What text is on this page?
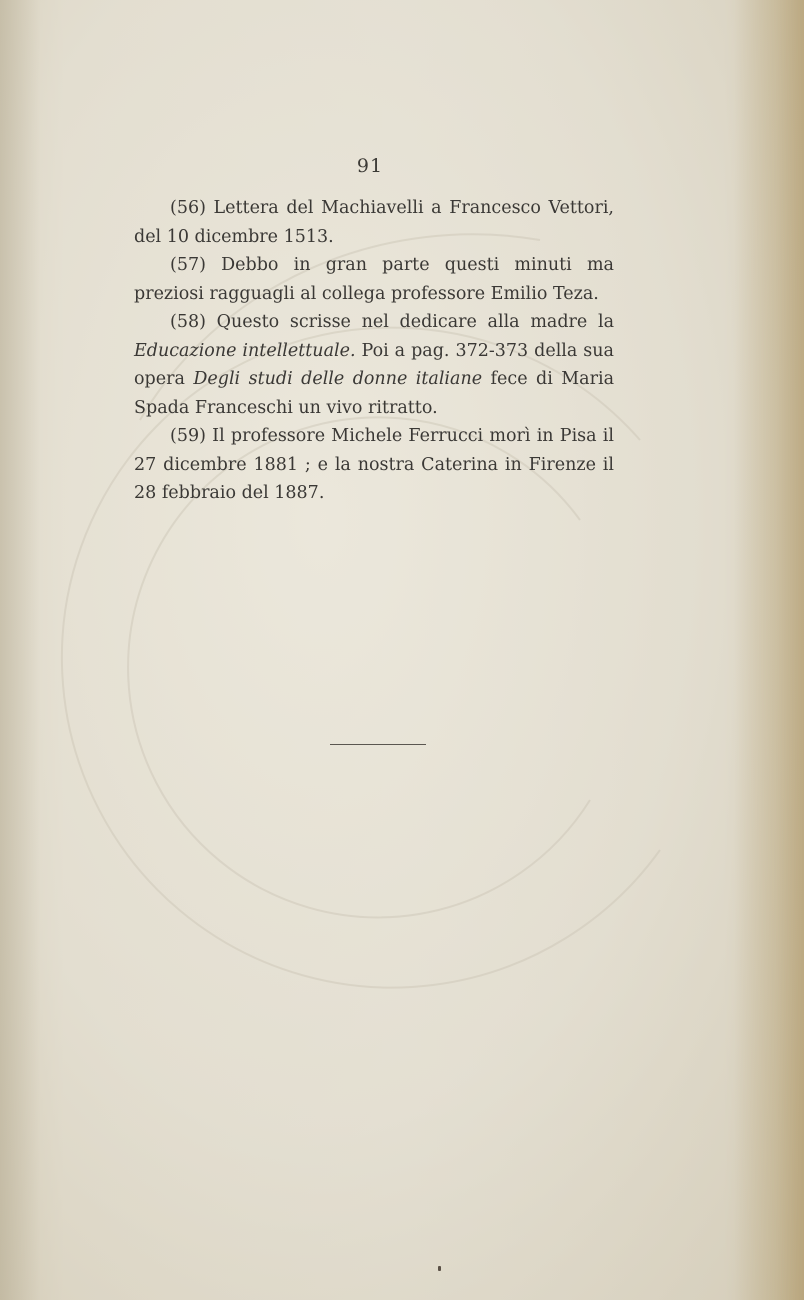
91

(56) Lettera del Machiavelli a Francesco Vettori, del 10 dicembre 1513.

(57) Debbo in gran parte questi minuti ma preziosi ragguagli al collega professore Emilio Teza.

(58) Questo scrisse nel dedicare alla madre la Educazione intellettuale. Poi a pag. 372-373 della sua opera Degli studi delle donne italiane fece di Maria Spada Franceschi un vivo ritratto.

(59) Il professore Michele Ferrucci morì in Pisa il 27 dicembre 1881 ; e la nostra Caterina in Firenze il 28 febbraio del 1887.
